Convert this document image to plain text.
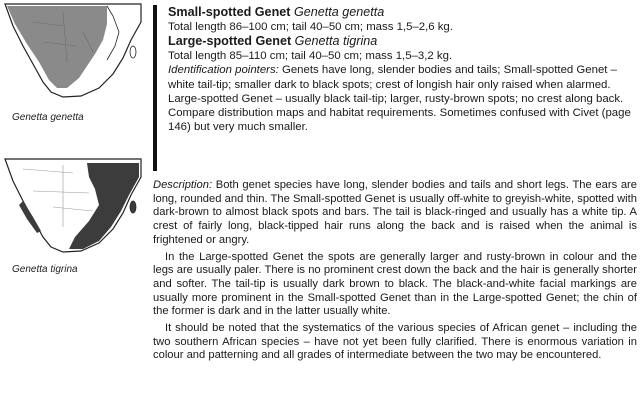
Genetta genetta
Genetta tigrina
Small-spotted Genet Genetta genetta

Total length 86–100 cm; tail 40–50 cm; mass 1,5–2,6 kg.

Large-spotted Genet Genetta tigrina

Total length 85–110 cm; tail 40–50 cm; mass 1,5–3,2 kg.

Identification pointers: Genets have long, slender bodies and tails; Small-spotted Genet – white tail-tip; smaller dark to black spots; crest of longish hair only raised when alarmed. Large-spotted Genet – usually black tail-tip; larger, rusty-brown spots; no crest along back. Compare distribution maps and habitat requirements. Sometimes confused with Civet (page 146) but very much smaller.

Description: Both genet species have long, slender bodies and tails and short legs. The ears are long, rounded and thin. The Small-spotted Genet is usually off-white to greyish-white, spotted with dark-brown to almost black spots and bars. The tail is black-ringed and usually has a white tip. A crest of fairly long, black-tipped hair runs along the back and is raised when the animal is frightened or angry.

In the Large-spotted Genet the spots are generally larger and rusty-brown in colour and the legs are usually paler. There is no prominent crest down the back and the hair is generally shorter and softer. The tail-tip is usually dark brown to black. The black-and-white facial markings are usually more prominent in the Small-spotted Genet than in the Large-spotted Genet; the chin of the former is dark and in the latter usually white.

It should be noted that the systematics of the various species of African genet – including the two southern African species – have not yet been fully clarified. There is enormous variation in colour and patterning and all grades of intermediate between the two may be encountered.
